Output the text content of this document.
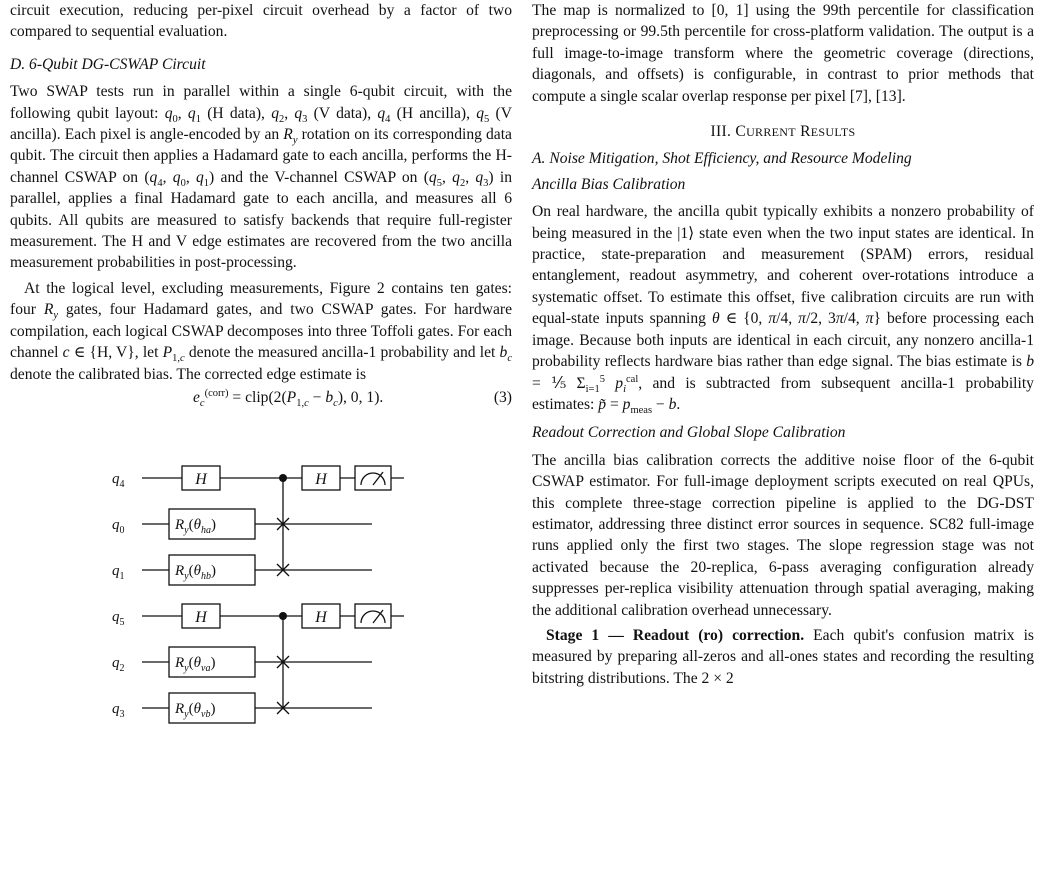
circuit execution, reducing per-pixel circuit overhead by a factor of two compared to sequential evaluation.

D. 6-Qubit DG-CSWAP Circuit

Two SWAP tests run in parallel within a single 6-qubit circuit, with the following qubit layout: $q_0$, $q_1$ (H data), $q_2$, $q_3$ (V data), $q_4$ (H ancilla), $q_5$ (V ancilla). Each pixel is angle-encoded by an $R_y$ rotation on its corresponding data qubit. The circuit then applies a Hadamard gate to each ancilla, performs the H-channel CSWAP on ($q_4$, $q_0$, $q_1$) and the V-channel CSWAP on ($q_5$, $q_2$, $q_3$) in parallel, applies a final Hadamard gate to each ancilla, and measures all 6 qubits. All qubits are measured to satisfy backends that require full-register measurement. The H and V edge estimates are recovered from the two ancilla measurement probabilities in post-processing.

At the logical level, excluding measurements, Figure 2 contains ten gates: four $R_y$ gates, four Hadamard gates, and two CSWAP gates. For hardware compilation, each logical CSWAP decomposes into three Toffoli gates. For each channel c ∈ {H, V}, let $P_{1,c}$ denote the measured ancilla-1 probability and let $b_c$ denote the calibrated bias. The corrected edge estimate is

$e_c^{(corr)}$ = $clip(2(P_{1,c} - b_c)$, 0, 1).	(3)
$q_4$
$q_0$
$q_1$
$q_5$
$q_2$
$q_3$
H	H
H	H
$R_y(\theta_{ha})$
$R_y(\theta_{hb})$
$R_y(\theta_{va})$
$R_y(\theta_{vb})$

The map is normalized to [0, 1] using the 99th percentile for classification preprocessing or 99.5th percentile for cross-platform validation. The output is a full image-to-image transform where the geometric coverage (directions, diagonals, and offsets) is configurable, in contrast to prior methods that compute a single scalar overlap response per pixel [7], [13].

III. CURRENT RESULTS

A. Noise Mitigation, Shot Efficiency, and Resource Modeling

Ancilla Bias Calibration

On real hardware, the ancilla qubit typically exhibits a nonzero probability of being measured in the |1⟩ state even when the two input states are identical. In practice, state-preparation and measurement (SPAM) errors, residual entanglement, readout asymmetry, and coherent over-rotations introduce a systematic offset. To estimate this offset, five calibration circuits are run with equal-state inputs spanning θ ∈ {0, π/4, π/2, 3π/4, π} before processing each image. Because both inputs are identical in each circuit, any nonzero ancilla-1 probability reflects hardware bias rather than edge signal. The bias estimate is b = ⅕ $\Sigma_{i=1}^5$ $p_i^{cal}$, and is subtracted from subsequent ancilla-1 probability estimates: p̃ = $p_{meas} - b$.

Readout Correction and Global Slope Calibration

The ancilla bias calibration corrects the additive noise floor of the 6-qubit CSWAP estimator. For full-image deployment scripts executed on real QPUs, this complete three-stage correction pipeline is applied to the DG-DST estimator, addressing three distinct error sources in sequence. SC82 full-image runs applied only the first two stages. The slope regression stage was not activated because the 20-replica, 6-pass averaging configuration already suppresses per-replica visibility attenuation through spatial averaging, making the additional calibration overhead unnecessary.

Stage 1 — Readout (ro) correction. Each qubit's confusion matrix is measured by preparing all-zeros and all-ones states and recording the resulting bitstring distributions. The 2 × 2
